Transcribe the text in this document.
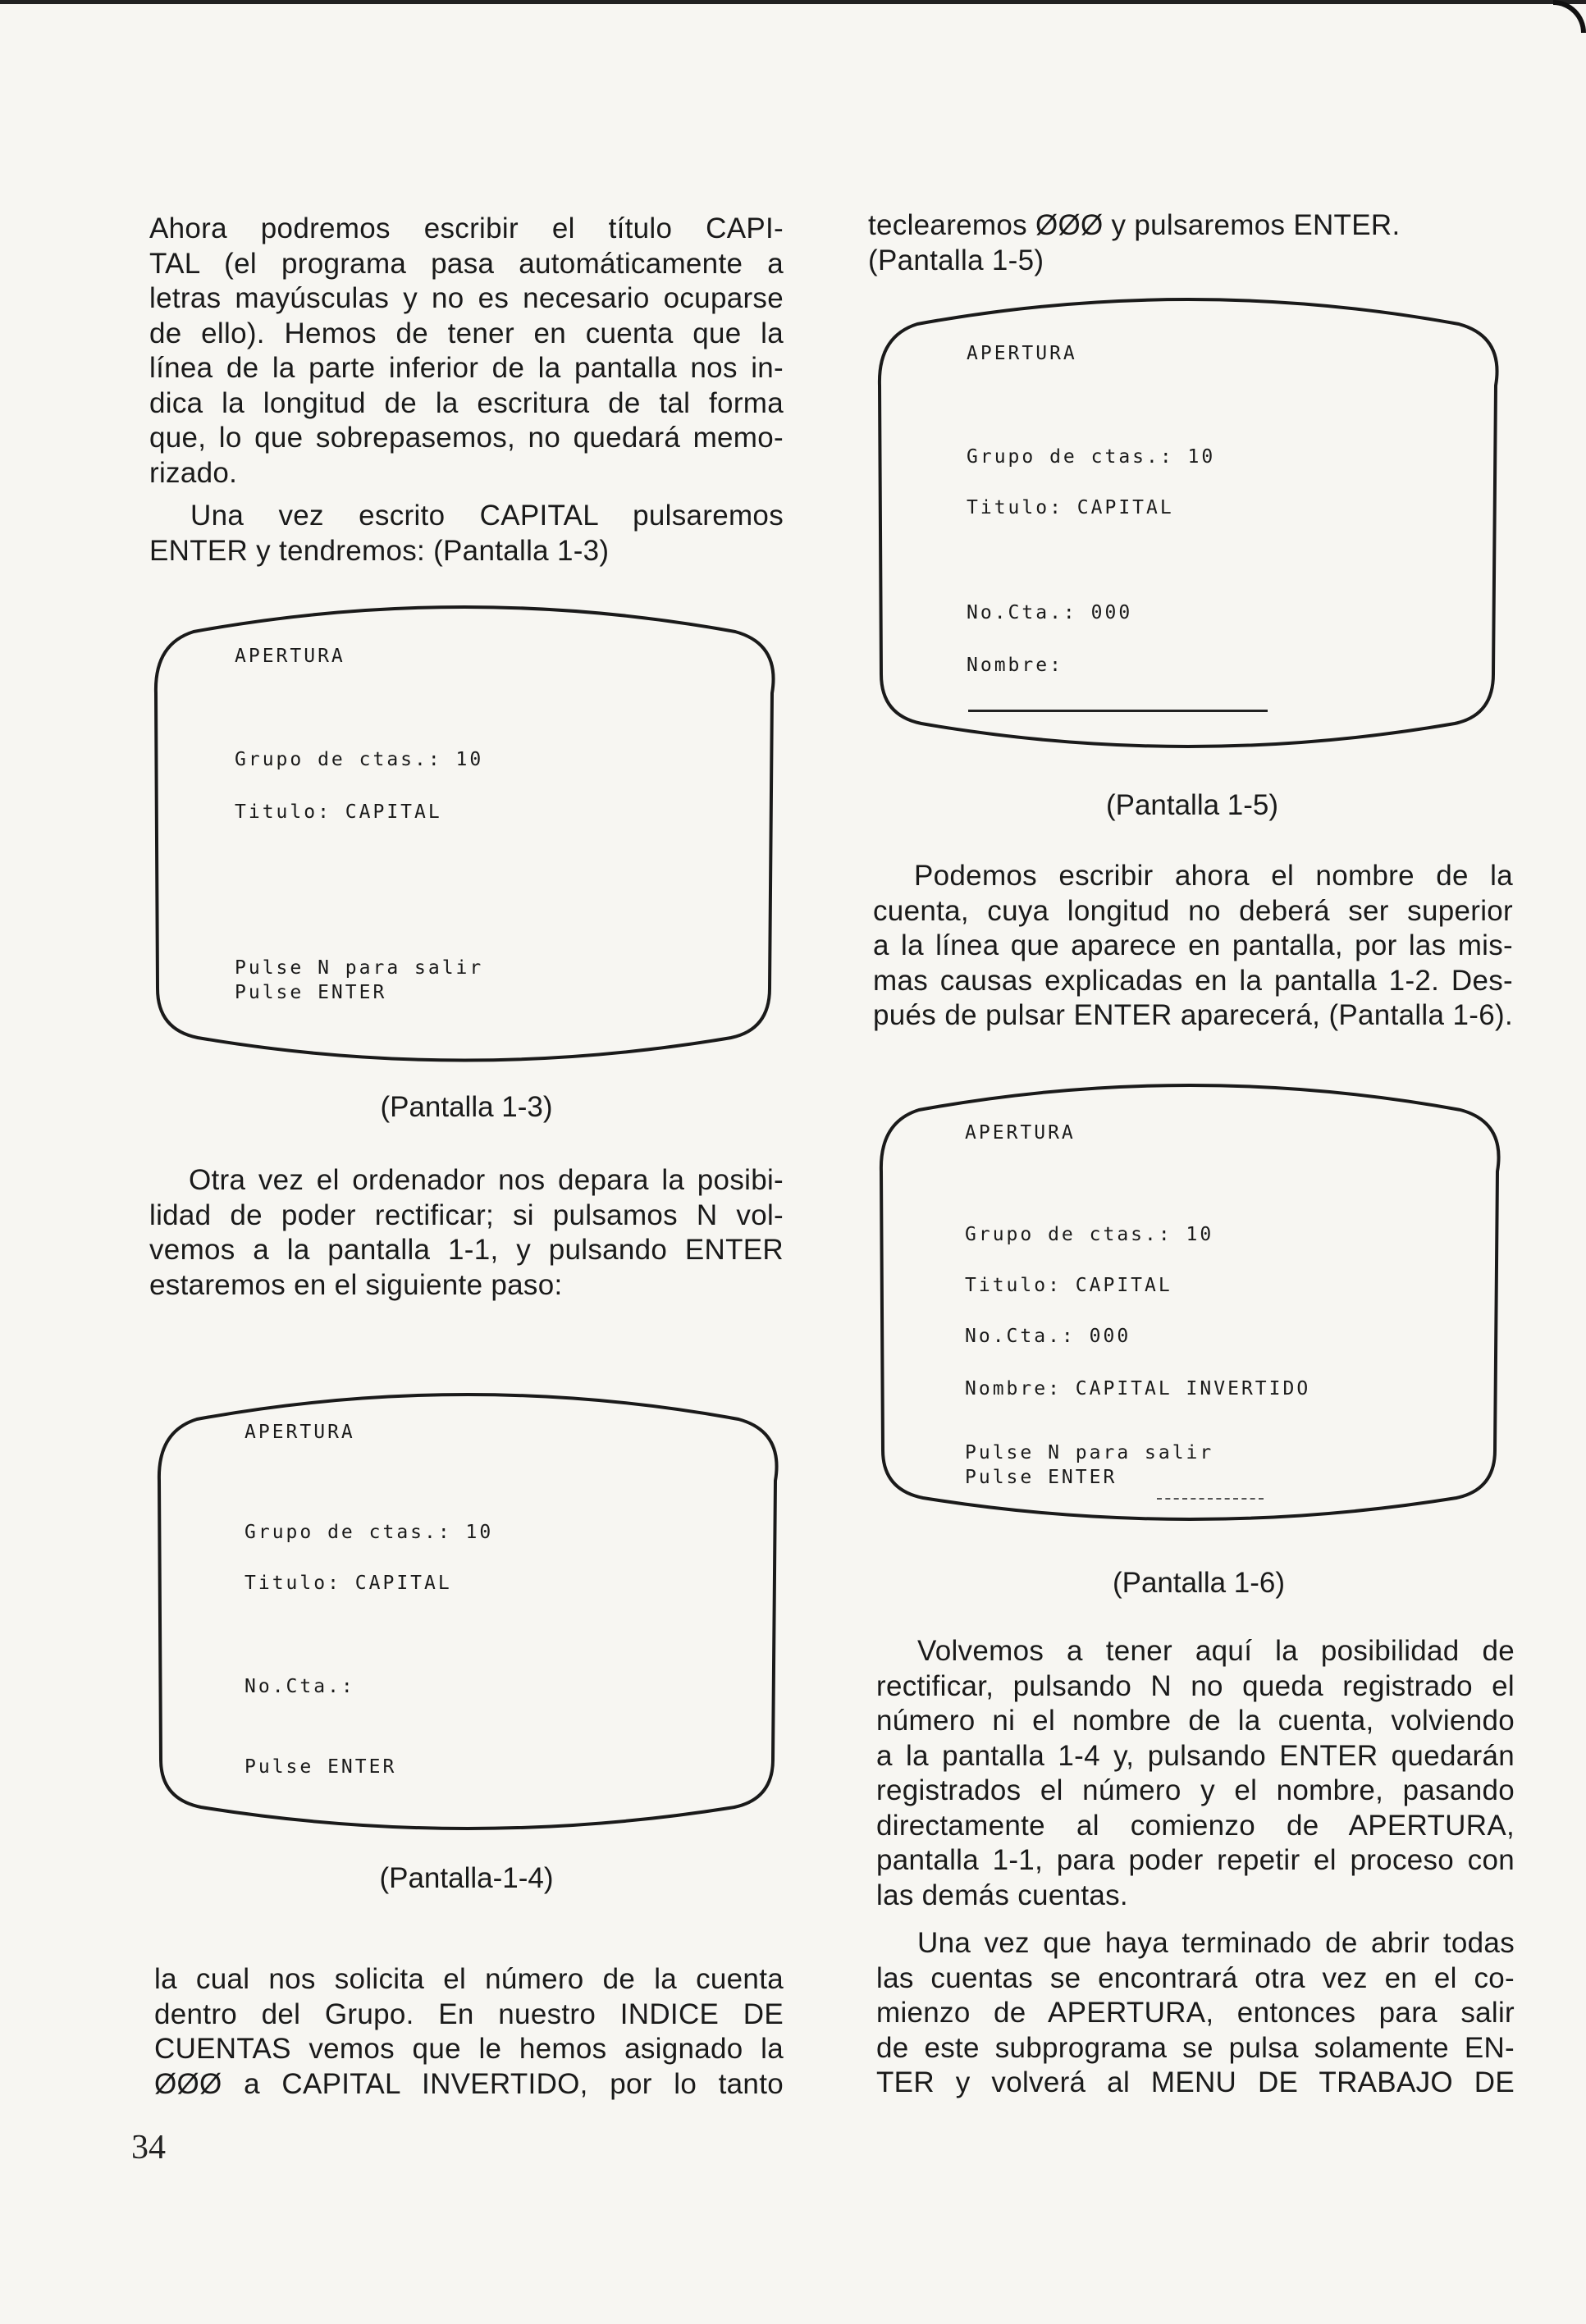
Ahora podremos escribir el título CAPI-
TAL (el programa pasa automáticamente a
letras mayúsculas y no es necesario ocuparse
de ello). Hemos de tener en cuenta que la
línea de la parte inferior de la pantalla nos in-
dica la longitud de la escritura de tal forma
que, lo que sobrepasemos, no quedará memo-
rizado.
Una vez escrito CAPITAL pulsaremos
ENTER y tendremos: (Pantalla 1-3)
APERTURA
Grupo de ctas.: 10
Titulo: CAPITAL
Pulse N para salir
Pulse ENTER
(Pantalla 1-3)
Otra vez el ordenador nos depara la posibi-
lidad de poder rectificar; si pulsamos N vol-
vemos a la pantalla 1-1, y pulsando ENTER
estaremos en el siguiente paso:
APERTURA
Grupo de ctas.: 10
Titulo: CAPITAL
No.Cta.:
Pulse ENTER
(Pantalla-1-4)
la cual nos solicita el número de la cuenta
dentro del Grupo. En nuestro INDICE DE
CUENTAS vemos que le hemos asignado la
ØØØ a CAPITAL INVERTIDO, por lo tanto
34
teclearemos ØØØ y pulsaremos ENTER.
(Pantalla 1-5)
APERTURA
Grupo de ctas.: 10
Titulo: CAPITAL
No.Cta.: 000
Nombre:
(Pantalla 1-5)
Podemos escribir ahora el nombre de la
cuenta, cuya longitud no deberá ser superior
a la línea que aparece en pantalla, por las mis-
mas causas explicadas en la pantalla 1-2. Des-
pués de pulsar ENTER aparecerá, (Pantalla 1-6).
APERTURA
Grupo de ctas.: 10
Titulo: CAPITAL
No.Cta.: 000
Nombre: CAPITAL INVERTIDO
Pulse N para salir
Pulse ENTER
(Pantalla 1-6)
Volvemos a tener aquí la posibilidad de
rectificar, pulsando N no queda registrado el
número ni el nombre de la cuenta, volviendo
a la pantalla 1-4 y, pulsando ENTER quedarán
registrados el número y el nombre, pasando
directamente al comienzo de APERTURA,
pantalla 1-1, para poder repetir el proceso con
las demás cuentas.
Una vez que haya terminado de abrir todas
las cuentas se encontrará otra vez en el co-
mienzo de APERTURA, entonces para salir
de este subprograma se pulsa solamente EN-
TER y volverá al MENU DE TRABAJO DE
